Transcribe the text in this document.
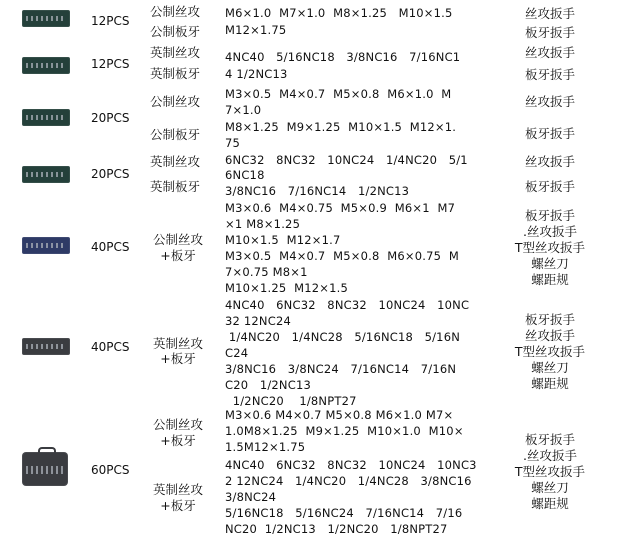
12PCS
公制丝攻
公制板牙
M6×1.0  M7×1.0  M8×1.25   M10×1.5
M12×1.75
丝攻扳手
板牙扳手
12PCS
英制丝攻
英制板牙
4NC40   5/16NC18   3/8NC16   7/16NC1
4 1/2NC13
丝攻扳手
板牙扳手
20PCS
公制丝攻
公制板牙
M3×0.5  M4×0.7  M5×0.8  M6×1.0  M
7×1.0
M8×1.25  M9×1.25  M10×1.5  M12×1.
75
丝攻扳手
板牙扳手
20PCS
英制丝攻
英制板牙
6NC32   8NC32   10NC24   1/4NC20   5/1
6NC18
3/8NC16   7/16NC14   1/2NC13
丝攻扳手
板牙扳手
40PCS	公制丝攻
+板牙
M3×0.6  M4×0.75  M5×0.9  M6×1  M7
×1 M8×1.25
M10×1.5  M12×1.7
M3×0.5  M4×0.7  M5×0.8  M6×0.75  M
7×0.75 M8×1
M10×1.25  M12×1.5
板牙扳手
.丝攻扳手
T型丝攻扳手
螺丝刀
螺距规
40PCS	英制丝攻
+板牙
4NC40   6NC32   8NC32   10NC24   10NC
32 12NC24
1/4NC20   1/4NC28   5/16NC18   5/16N
C24
3/8NC16   3/8NC24   7/16NC14   7/16N
C20   1/2NC13
1/2NC20    1/8NPT27
板牙扳手
丝攻扳手
T型丝攻扳手
螺丝刀
螺距规
60PCS
公制丝攻
+板牙
英制丝攻
+板牙
M3×0.6 M4×0.7 M5×0.8 M6×1.0 M7×
1.0M8×1.25  M9×1.25  M10×1.0  M10×
1.5M12×1.75
4NC40   6NC32   8NC32   10NC24   10NC3
2 12NC24   1/4NC20   1/4NC28   3/8NC16
3/8NC24
5/16NC18   5/16NC24   7/16NC14   7/16
NC20  1/2NC13   1/2NC20   1/8NPT27
板牙扳手
.丝攻扳手
T型丝攻扳手
螺丝刀
螺距规
